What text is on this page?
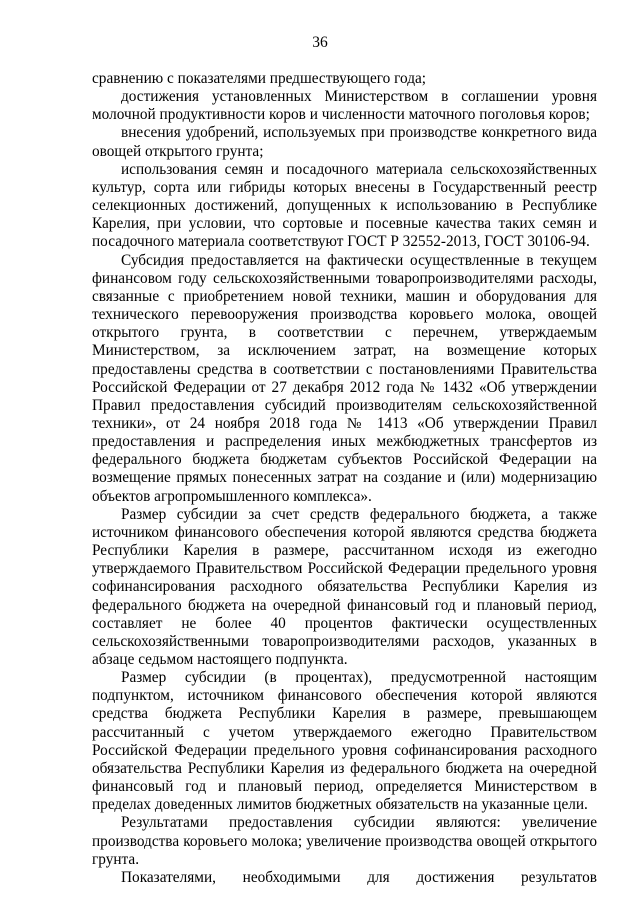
36

сравнению с показателями предшествующего года;

достижения установленных Министерством в соглашении уровня молочной продуктивности коров и численности маточного поголовья коров;

внесения удобрений, используемых при производстве конкретного вида овощей открытого грунта;

использования семян и посадочного материала сельскохозяйственных культур, сорта или гибриды которых внесены в Государственный реестр селекционных достижений, допущенных к использованию в Республике Карелия, при условии, что сортовые и посевные качества таких семян и посадочного материала соответствуют ГОСТ Р 32552-2013, ГОСТ 30106-94.

Субсидия предоставляется на фактически осуществленные в текущем финансовом году сельскохозяйственными товаропроизводителями расходы, связанные с приобретением новой техники, машин и оборудования для технического перевооружения производства коровьего молока, овощей открытого грунта, в соответствии с перечнем, утверждаемым Министерством, за исключением затрат, на возмещение которых предоставлены средства в соответствии с постановлениями Правительства Российской Федерации от 27 декабря 2012 года № 1432 «Об утверждении Правил предоставления субсидий производителям сельскохозяйственной техники», от 24 ноября 2018 года № 1413 «Об утверждении Правил предоставления и распределения иных межбюджетных трансфертов из федерального бюджета бюджетам субъектов Российской Федерации на возмещение прямых понесенных затрат на создание и (или) модернизацию объектов агропромышленного комплекса».

Размер субсидии за счет средств федерального бюджета, а также источником финансового обеспечения которой являются средства бюджета Республики Карелия в размере, рассчитанном исходя из ежегодно утверждаемого Правительством Российской Федерации предельного уровня софинансирования расходного обязательства Республики Карелия из федерального бюджета на очередной финансовый год и плановый период, составляет не более 40 процентов фактически осуществленных сельскохозяйственными товаропроизводителями расходов, указанных в абзаце седьмом настоящего подпункта.

Размер субсидии (в процентах), предусмотренной настоящим подпунктом, источником финансового обеспечения которой являются средства бюджета Республики Карелия в размере, превышающем рассчитанный с учетом утверждаемого ежегодно Правительством Российской Федерации предельного уровня софинансирования расходного обязательства Республики Карелия из федерального бюджета на очередной финансовый год и плановый период, определяется Министерством в пределах доведенных лимитов бюджетных обязательств на указанные цели.

Результатами предоставления субсидии являются: увеличение производства коровьего молока; увеличение производства овощей открытого грунта.

Показателями, необходимыми для достижения результатов
